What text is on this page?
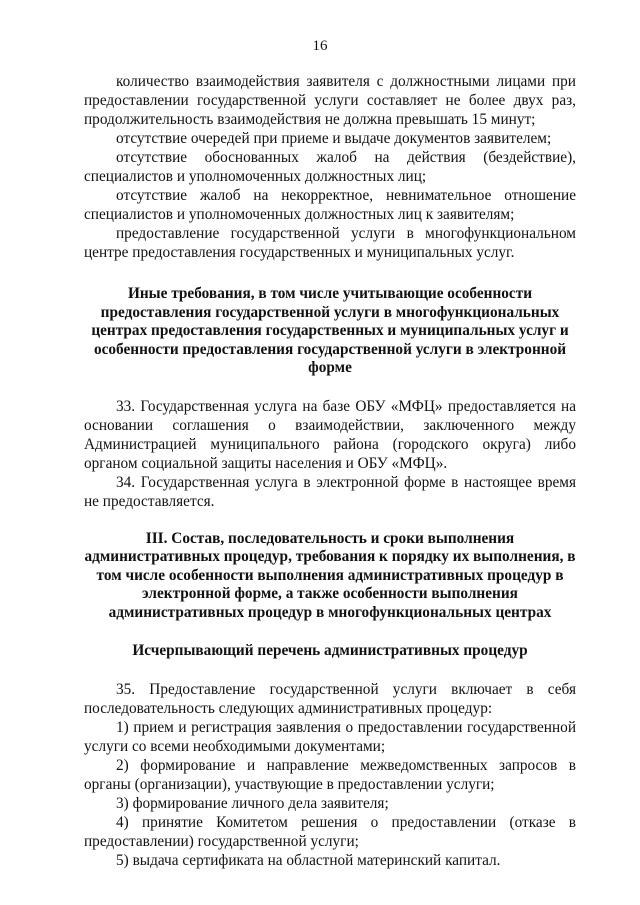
16

количество взаимодействия заявителя с должностными лицами при предоставлении государственной услуги составляет не более двух раз, продолжительность взаимодействия не должна превышать 15 минут;

отсутствие очередей при приеме и выдаче документов заявителем;

отсутствие обоснованных жалоб на действия (бездействие), специалистов и уполномоченных должностных лиц;

отсутствие жалоб на некорректное, невнимательное отношение специалистов и уполномоченных должностных лиц к заявителям;

предоставление государственной услуги в многофункциональном центре предоставления государственных и муниципальных услуг.

Иные требования, в том числе учитывающие особенности предоставления государственной услуги в многофункциональных центрах предоставления государственных и муниципальных услуг и особенности предоставления государственной услуги в электронной форме

33. Государственная услуга на базе ОБУ «МФЦ» предоставляется на основании соглашения о взаимодействии, заключенного между Администрацией муниципального района (городского округа) либо органом социальной защиты населения и ОБУ «МФЦ».

34. Государственная услуга в электронной форме в настоящее время не предоставляется.

III. Состав, последовательность и сроки выполнения административных процедур, требования к порядку их выполнения, в том числе особенности выполнения административных процедур в электронной форме, а также особенности выполнения административных процедур в многофункциональных центрах

Исчерпывающий перечень административных процедур

35. Предоставление государственной услуги включает в себя последовательность следующих административных процедур:

1) прием и регистрация заявления о предоставлении государственной услуги со всеми необходимыми документами;

2) формирование и направление межведомственных запросов в органы (организации), участвующие в предоставлении услуги;

3) формирование личного дела заявителя;

4) принятие Комитетом решения о предоставлении (отказе в предоставлении) государственной услуги;

5) выдача сертификата на областной материнский капитал.
